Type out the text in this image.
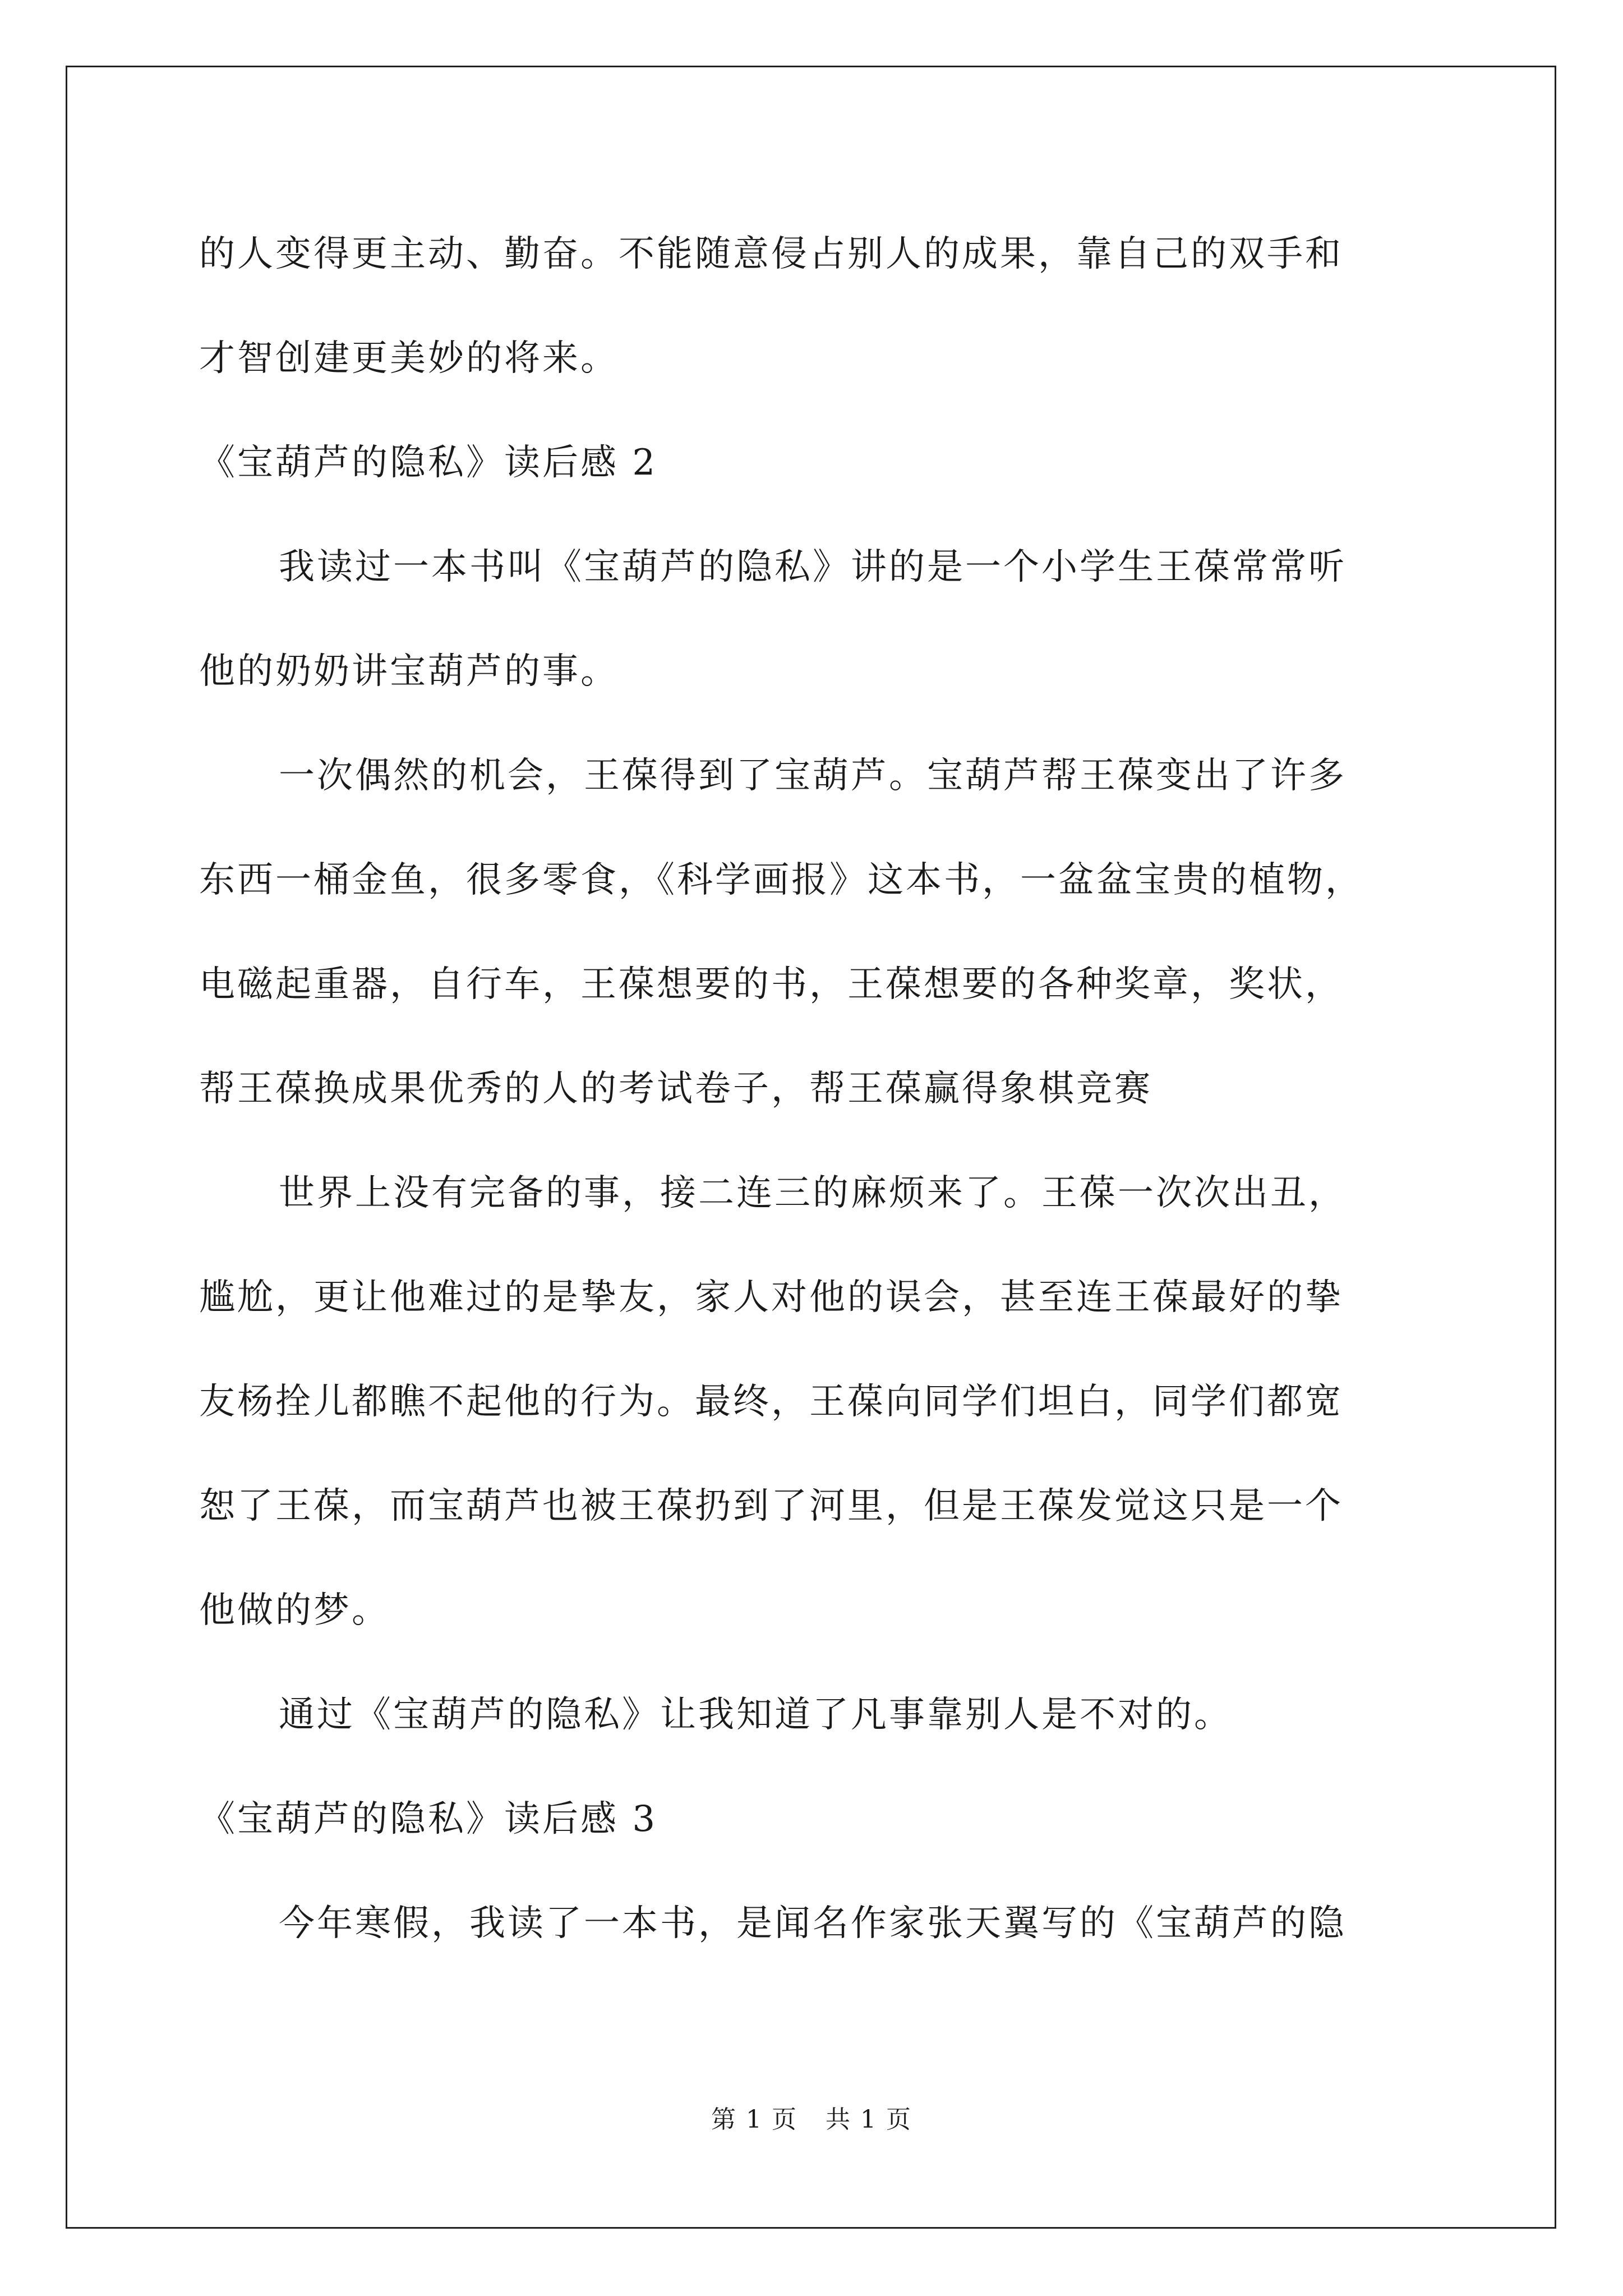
的人变得更主动、勤奋。不能随意侵占别人的成果，靠自己的双手和
才智创建更美妙的将来。
《宝葫芦的隐私》读后感 2
我读过一本书叫《宝葫芦的隐私》讲的是一个小学生王葆常常听
他的奶奶讲宝葫芦的事。
一次偶然的机会，王葆得到了宝葫芦。宝葫芦帮王葆变出了许多
东西一桶金鱼，很多零食，《科学画报》这本书，一盆盆宝贵的植物，
电磁起重器，自行车，王葆想要的书，王葆想要的各种奖章，奖状，
帮王葆换成果优秀的人的考试卷子，帮王葆赢得象棋竞赛
世界上没有完备的事，接二连三的麻烦来了。王葆一次次出丑，
尴尬，更让他难过的是挚友，家人对他的误会，甚至连王葆最好的挚
友杨拴儿都瞧不起他的行为。最终，王葆向同学们坦白，同学们都宽
恕了王葆，而宝葫芦也被王葆扔到了河里，但是王葆发觉这只是一个
他做的梦。
通过《宝葫芦的隐私》让我知道了凡事靠别人是不对的。
《宝葫芦的隐私》读后感 3
今年寒假，我读了一本书，是闻名作家张天翼写的《宝葫芦的隐
第 1 页 共 1 页
